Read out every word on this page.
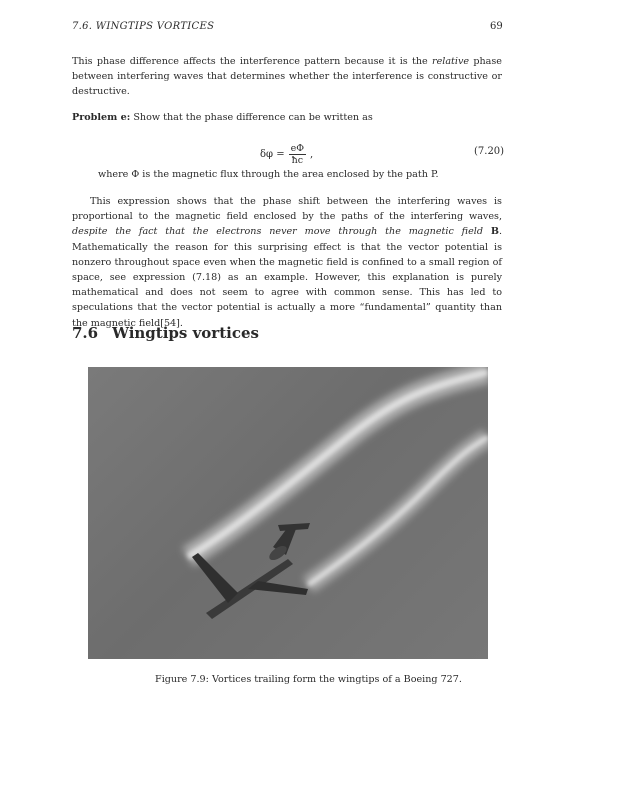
7.6. WINGTIPS VORTICES	69

This phase difference affects the interference pattern because it is the relative phase between interfering waves that determines whether the interference is constructive or destructive.

Problem e: Show that the phase difference can be written as

$\delta\varphi = \frac{e\Phi}{ħc}$ ,	(7.20)
where Φ is the magnetic flux through the area enclosed by the path P.

This expression shows that the phase shift between the interfering waves is proportional to the magnetic field enclosed by the paths of the interfering waves, despite the fact that the electrons never move through the magnetic field B. Mathematically the reason for this surprising effect is that the vector potential is nonzero throughout space even when the magnetic field is confined to a small region of space, see expression (7.18) as an example. However, this explanation is purely mathematical and does not seem to agree with common sense. This has led to speculations that the vector potential is actually a more “fundamental” quantity than the magnetic field[54].

7.6 Wingtips vortices
Figure 7.9: Vortices trailing form the wingtips of a Boeing 727.
